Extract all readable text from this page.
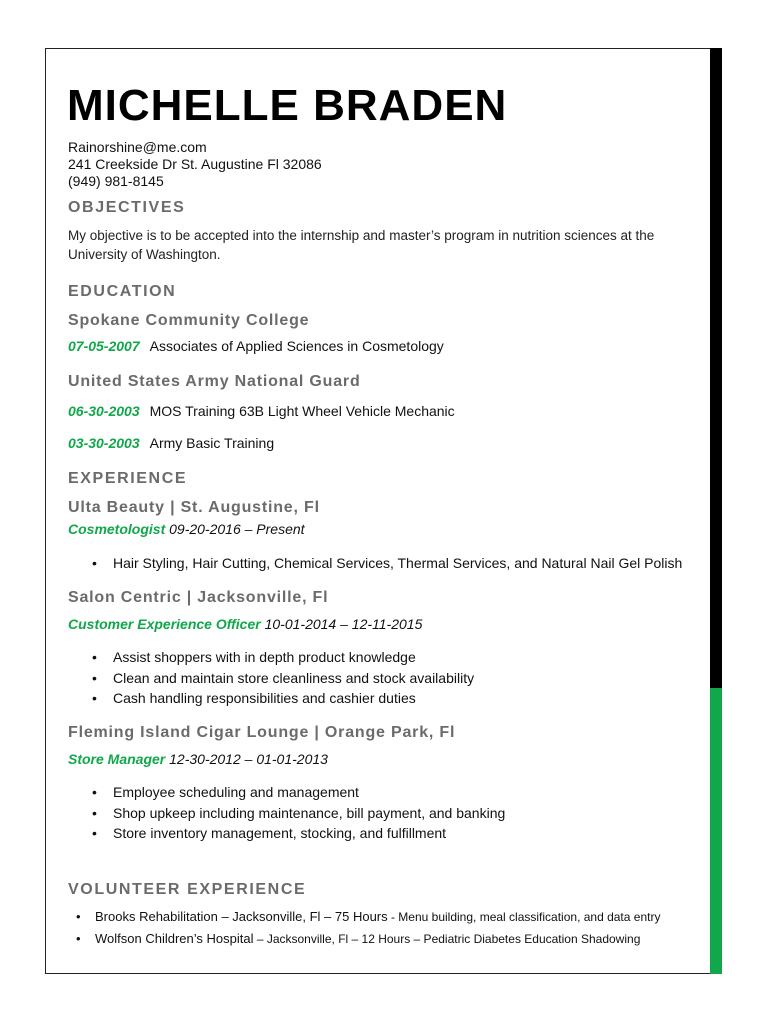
MICHELLE BRADEN
Rainorshine@me.com
241 Creekside Dr St. Augustine Fl 32086
(949) 981-8145
OBJECTIVES
My objective is to be accepted into the internship and master’s program in nutrition sciences at the University of Washington.
EDUCATION
Spokane Community College
07-05-2007 Associates of Applied Sciences in Cosmetology
United States Army National Guard
06-30-2003 MOS Training 63B Light Wheel Vehicle Mechanic
03-30-2003 Army Basic Training
EXPERIENCE
Ulta Beauty | St. Augustine, Fl
Cosmetologist 09-20-2016 – Present
• Hair Styling, Hair Cutting, Chemical Services, Thermal Services, and Natural Nail Gel Polish
Salon Centric | Jacksonville, Fl
Customer Experience Officer 10-01-2014 – 12-11-2015
• Assist shoppers with in depth product knowledge
• Clean and maintain store cleanliness and stock availability
• Cash handling responsibilities and cashier duties
Fleming Island Cigar Lounge | Orange Park, Fl
Store Manager 12-30-2012 – 01-01-2013
• Employee scheduling and management
• Shop upkeep including maintenance, bill payment, and banking
• Store inventory management, stocking, and fulfillment
VOLUNTEER EXPERIENCE
• Brooks Rehabilitation – Jacksonville, Fl – 75 Hours - Menu building, meal classification, and data entry
• Wolfson Children’s Hospital – Jacksonville, Fl – 12 Hours – Pediatric Diabetes Education Shadowing
